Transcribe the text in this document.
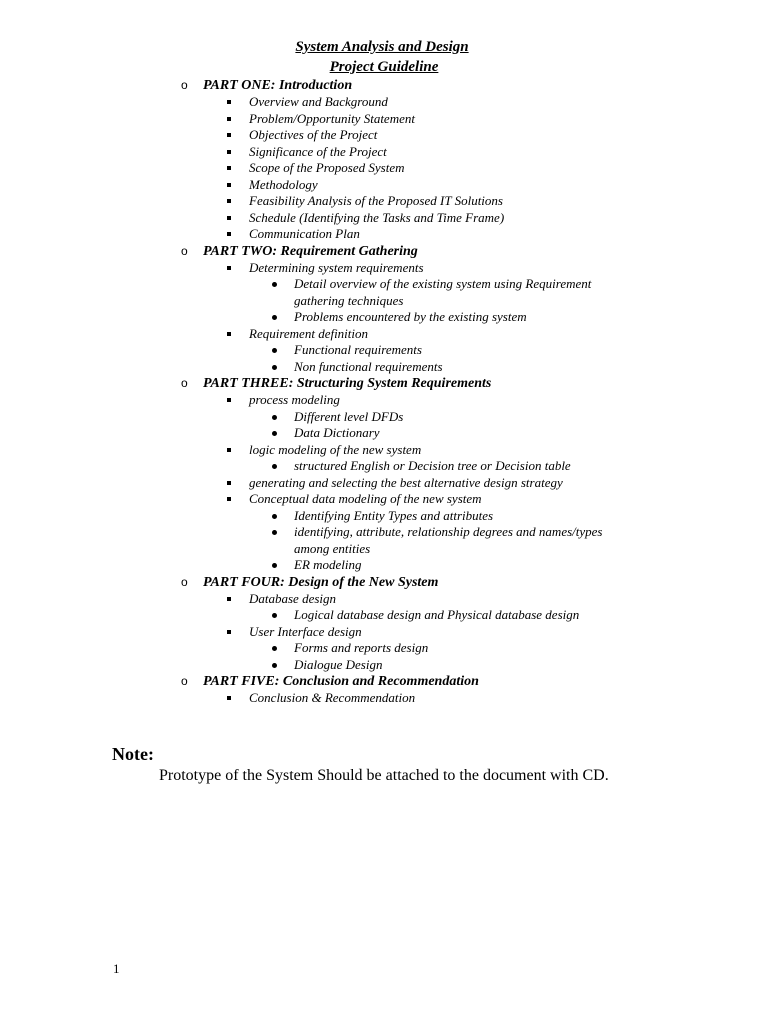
System Analysis and Design
Project Guideline
o PART ONE: Introduction
Overview and Background
Problem/Opportunity Statement
Objectives of the Project
Significance of the Project
Scope of the Proposed System
Methodology
Feasibility Analysis of the Proposed IT Solutions
Schedule (Identifying the Tasks and Time Frame)
Communication Plan
o PART TWO: Requirement Gathering
Determining system requirements
Detail overview of the existing system using Requirement gathering techniques
Problems encountered by the existing system
Requirement definition
Functional requirements
Non functional requirements
o PART THREE: Structuring System Requirements
process modeling
Different level DFDs
Data Dictionary
logic modeling of the new system
structured English or Decision tree or Decision table
generating and selecting the best alternative design strategy
Conceptual data modeling of the new system
Identifying Entity Types and attributes
identifying, attribute, relationship degrees and names/types among entities
ER modeling
o PART FOUR: Design of the New System
Database design
Logical database design and Physical database design
User Interface design
Forms and reports design
Dialogue Design
o PART FIVE: Conclusion and Recommendation
Conclusion & Recommendation
Note:
Prototype of the System Should be attached to the document with CD.
1
